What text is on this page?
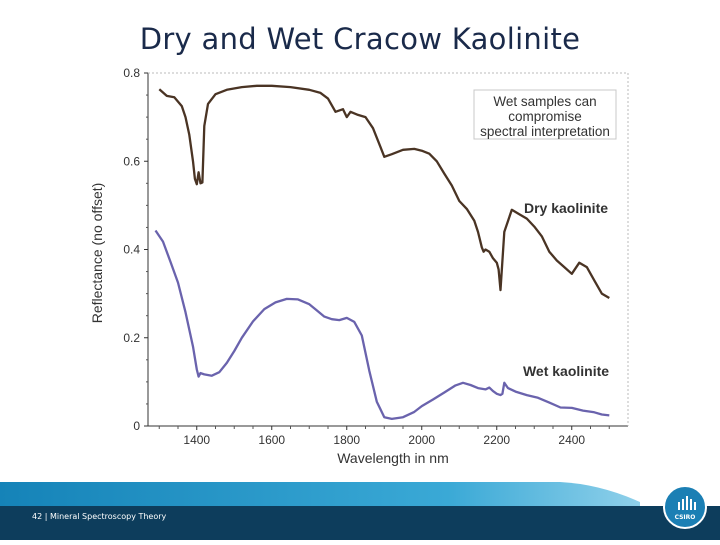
Dry and Wet Cracow Kaolinite
1400	1600	1800	2000	2200	2400
0
0.2
0.4
0.6
0.8
Wet samples can
compromise
spectral interpretation
Dry kaolinite
Wet kaolinite
Wavelength in nm
Reflectance (no offset)
42 | Mineral Spectroscopy Theory	CSIRO
